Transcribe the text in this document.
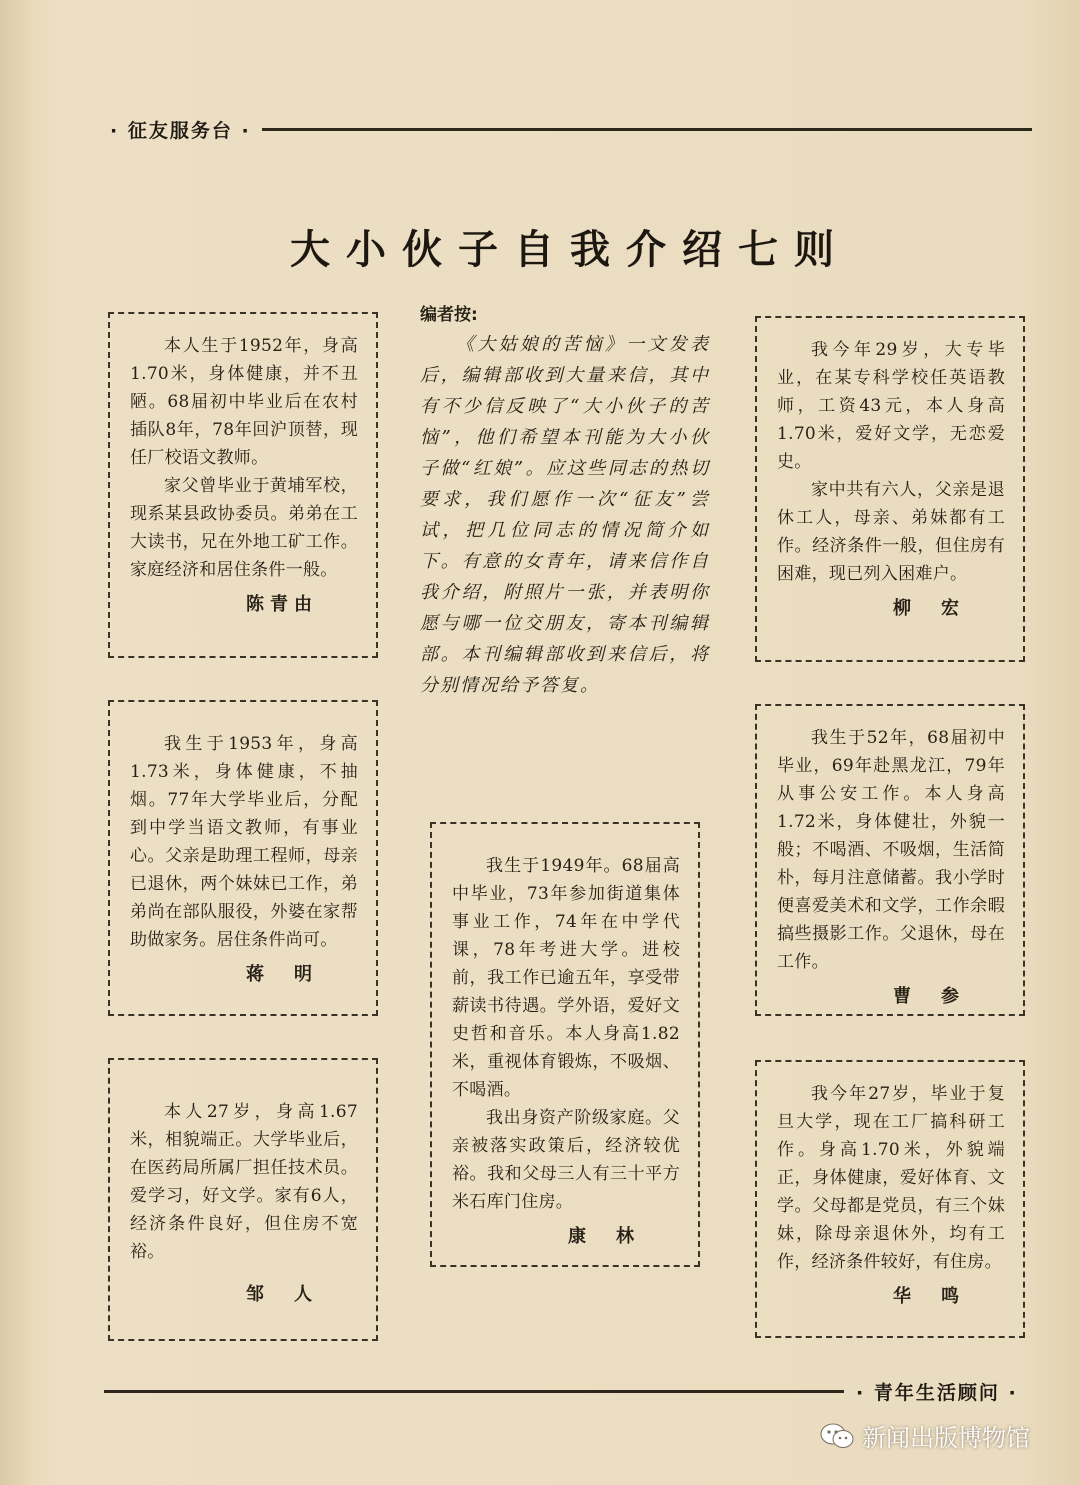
· 征友服务台 ·
大小伙子自我介绍七则

本人生于1952年，身高1.70米，身体健康，并不丑陋。68届初中毕业后在农村插队8年，78年回沪顶替，现任厂校语文教师。

家父曾毕业于黄埔军校，现系某县政协委员。弟弟在工大读书，兄在外地工矿工作。家庭经济和居住条件一般。

陈青由

我生于1953年，身高1.73米，身体健康，不抽烟。77年大学毕业后，分配到中学当语文教师，有事业心。父亲是助理工程师，母亲已退休，两个妹妹已工作，弟弟尚在部队服役，外婆在家帮助做家务。居住条件尚可。

蒋　明

本人27岁，身高1.67米，相貌端正。大学毕业后，在医药局所属厂担任技术员。爱学习，好文学。家有6人，经济条件良好，但住房不宽裕。

邹　人
编者按:

《大姑娘的苦恼》一文发表后，编辑部收到大量来信，其中有不少信反映了“大小伙子的苦恼”，他们希望本刊能为大小伙子做“红娘”。应这些同志的热切要求，我们愿作一次“征友”尝试，把几位同志的情况简介如下。有意的女青年，请来信作自我介绍，附照片一张，并表明你愿与哪一位交朋友，寄本刊编辑部。本刊编辑部收到来信后，将分别情况给予答复。

我生于1949年。68届高中毕业，73年参加街道集体事业工作，74年在中学代课，78年考进大学。进校前，我工作已逾五年，享受带薪读书待遇。学外语，爱好文史哲和音乐。本人身高1.82米，重视体育锻炼，不吸烟、不喝酒。

我出身资产阶级家庭。父亲被落实政策后，经济较优裕。我和父母三人有三十平方米石库门住房。

康　林

我今年29岁，大专毕业，在某专科学校任英语教师，工资43元，本人身高1.70米，爱好文学，无恋爱史。

家中共有六人，父亲是退休工人，母亲、弟妹都有工作。经济条件一般，但住房有困难，现已列入困难户。

柳　宏

我生于52年，68届初中毕业，69年赴黑龙江，79年从事公安工作。本人身高1.72米，身体健壮，外貌一般；不喝酒、不吸烟，生活简朴，每月注意储蓄。我小学时便喜爱美术和文学，工作余暇搞些摄影工作。父退休，母在工作。

曹　参

我今年27岁，毕业于复旦大学，现在工厂搞科研工作。身高1.70米，外貌端正，身体健康，爱好体育、文学。父母都是党员，有三个妹妹，除母亲退休外，均有工作，经济条件较好，有住房。

华　鸣
· 青年生活顾问 ·
新闻出版博物馆
